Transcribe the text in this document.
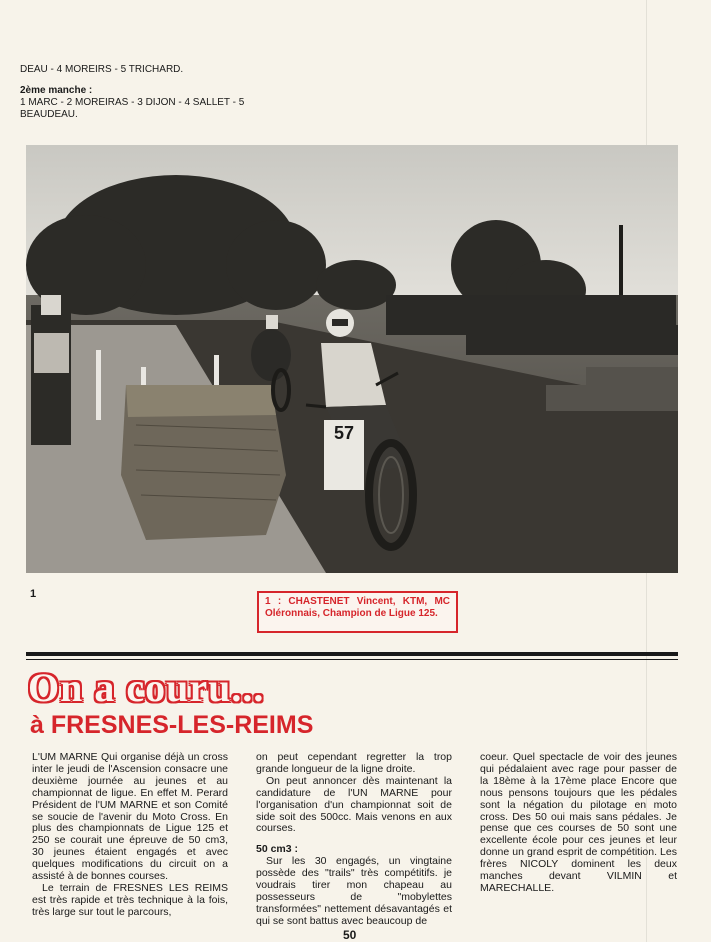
DEAU - 4 MOREIRS - 5 TRICHARD.
2ème manche :
1 MARC - 2 MOREIRAS - 3 DIJON - 4 SALLET - 5 BEAUDEAU.
57
1
1 : CHASTENET Vincent, KTM, MC Oléronnais, Champion de Ligue 125.
On a couru...
à FRESNES-LES-REIMS

L'UM MARNE Qui organise déjà un cross inter le jeudi de l'Ascension consacre une deuxième journée au jeunes et au championnat de ligue. En effet M. Perard Président de l'UM MARNE et son Comité se soucie de l'avenir du Moto Cross. En plus des championnats de Ligue 125 et 250 se courait une épreuve de 50 cm3, 30 jeunes étaient engagés et avec quelques modifications du circuit on a assisté à de bonnes courses.

Le terrain de FRESNES LES REIMS est très rapide et très technique à la fois, très large sur tout le parcours,

on peut cependant regretter la trop grande longueur de la ligne droite.

On peut annoncer dès maintenant la candidature de l'UN MARNE pour l'organisation d'un championnat soit de side soit des 500cc. Mais venons en aux courses.

50 cm3 :

Sur les 30 engagés, un vingtaine possède des "trails" très compétitifs. je voudrais tirer mon chapeau au possesseurs de "mobylettes transformées" nettement désavantagés et qui se sont battus avec beaucoup de

coeur. Quel spectacle de voir des jeunes qui pédalaient avec rage pour passer de la 18ème à la 17ème place Encore que nous pensons toujours que les pédales sont la négation du pilotage en moto cross. Des 50 oui mais sans pédales. Je pense que ces courses de 50 sont une excellente école pour ces jeunes et leur donne un grand esprit de compétition. Les frères NICOLY dominent les deux manches devant VILMIN et MARECHALLE.

50
